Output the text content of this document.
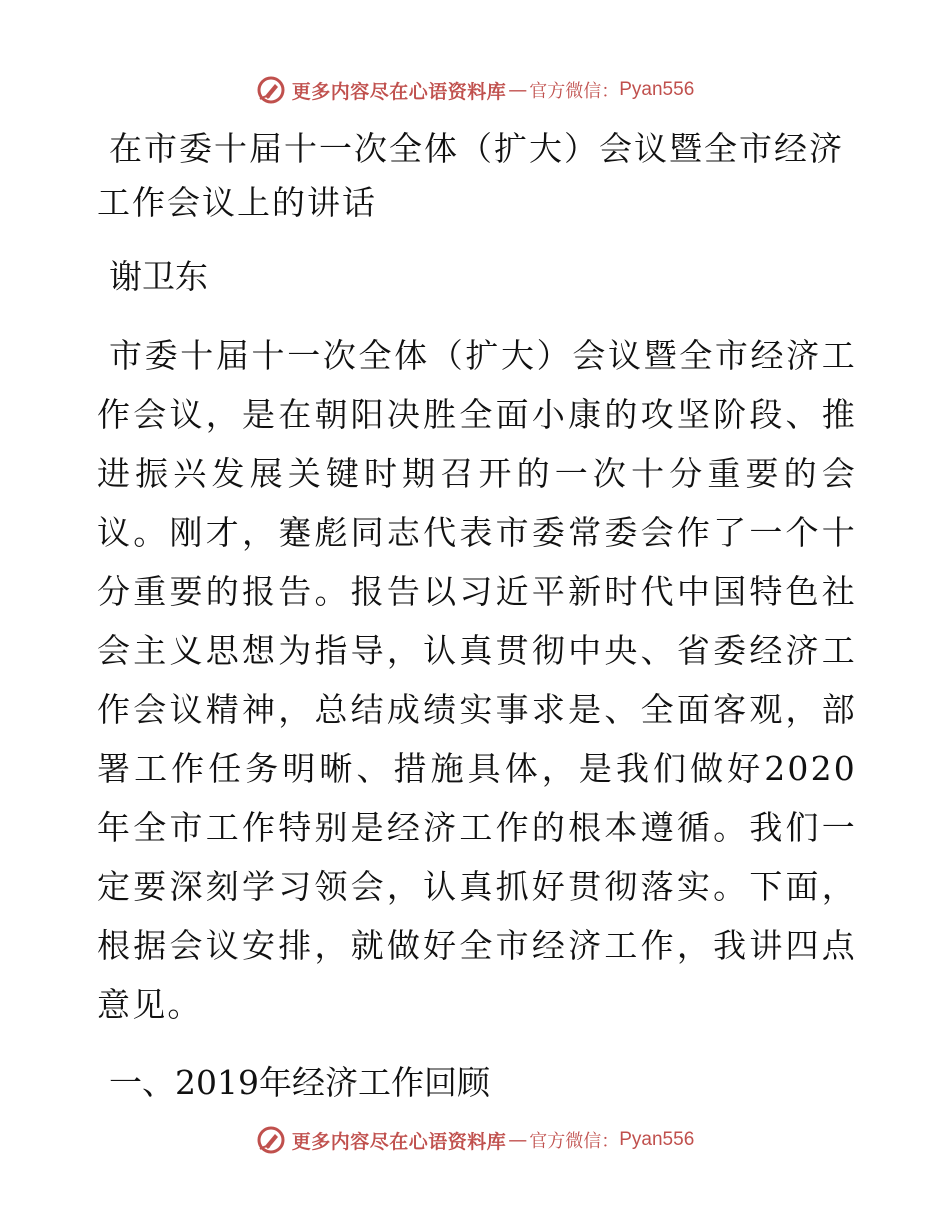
更多内容尽在心语资料库 — 官方微信： Pyan556
在市委十届十一次全体（扩大）会议暨全市经济工作会议上的讲话

谢卫东

市委十届十一次全体（扩大）会议暨全市经济工作会议，是在朝阳决胜全面小康的攻坚阶段、推进振兴发展关键时期召开的一次十分重要的会议。刚才，蹇彪同志代表市委常委会作了一个十分重要的报告。报告以习近平新时代中国特色社会主义思想为指导，认真贯彻中央、省委经济工作会议精神，总结成绩实事求是、全面客观，部署工作任务明晰、措施具体，是我们做好2020年全市工作特别是经济工作的根本遵循。我们一定要深刻学习领会，认真抓好贯彻落实。下面，根据会议安排，就做好全市经济工作，我讲四点意见。

一、2019年经济工作回顾
更多内容尽在心语资料库 — 官方微信： Pyan556
